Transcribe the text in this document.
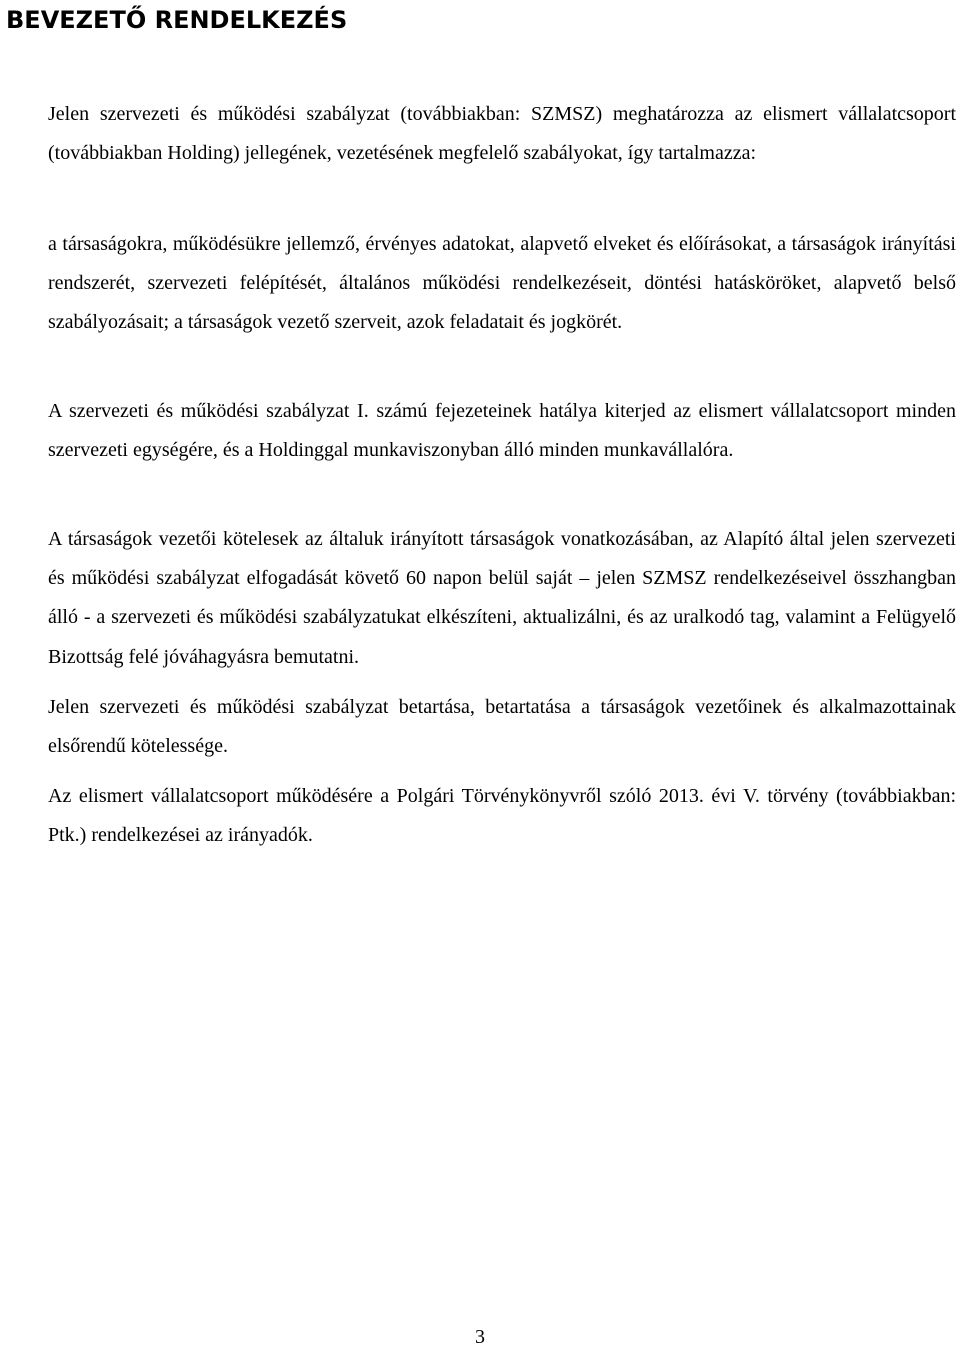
BEVEZETŐ RENDELKEZÉS

Jelen szervezeti és működési szabályzat (továbbiakban: SZMSZ) meghatározza az elismert vállalatcsoport (továbbiakban Holding) jellegének, vezetésének megfelelő szabályokat, így tartalmazza:

a társaságokra, működésükre jellemző, érvényes adatokat, alapvető elveket és előírásokat, a társaságok irányítási rendszerét, szervezeti felépítését, általános működési rendelkezéseit, döntési hatásköröket, alapvető belső szabályozásait; a társaságok vezető szerveit, azok feladatait és jogkörét.

A szervezeti és működési szabályzat I. számú fejezeteinek hatálya kiterjed az elismert vállalatcsoport minden szervezeti egységére, és a Holdinggal munkaviszonyban álló minden munkavállalóra.

A társaságok vezetői kötelesek az általuk irányított társaságok vonatkozásában, az Alapító által jelen szervezeti és működési szabályzat elfogadását követő 60 napon belül saját – jelen SZMSZ rendelkezéseivel összhangban álló - a szervezeti és működési szabályzatukat elkészíteni, aktualizálni, és az uralkodó tag, valamint a Felügyelő Bizottság felé jóváhagyásra bemutatni.

Jelen szervezeti és működési szabályzat betartása, betartatása a társaságok vezetőinek és alkalmazottainak elsőrendű kötelessége.

Az elismert vállalatcsoport működésére a Polgári Törvénykönyvről szóló 2013. évi V. törvény (továbbiakban: Ptk.) rendelkezései az irányadók.

3
